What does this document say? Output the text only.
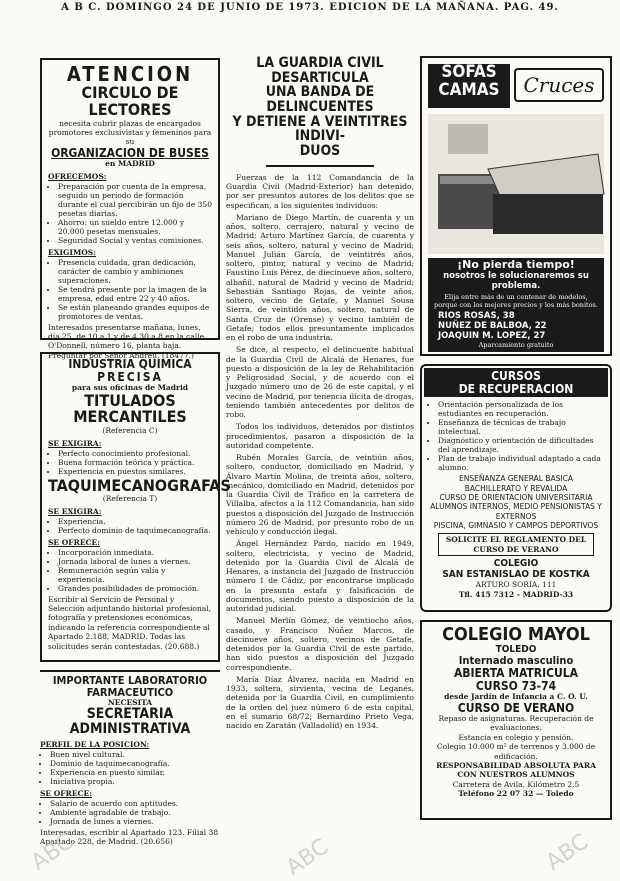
A B C. DOMINGO 24 DE JUNIO DE 1973. EDICION DE LA MAÑANA. PAG. 49.
ATENCION
CIRCULO DE LECTORES
necesita cubrir plazas de encargados promotores exclusivistas y femeninos para su
ORGANIZACION DE BUSES
en MADRID
OFRECEMOS:
• Preparación por cuenta de la empresa, seguido un período de formación durante el cual percibirán un fijo de 350 pesetas diarias.
• Ahorro: un sueldo entre 12.000 y 20.000 pesetas mensuales.
• Seguridad Social y ventas comisiones.
EXIGIMOS:
• Presencia cuidada, gran dedicación, carácter de cambio y ambiciones superaciones.
• Se tendrá presente por la imagen de la empresa, edad entre 22 y 40 años.
• Se están planeando grandes equipos de promotores de ventas.
Interesados presentarse mañana, lunes, día 25, de 10 a 1 y de 4,30 a 8 en la calle O'Donnell, número 16, planta baja. Preguntar por Señor Andreu. (18477.)
INDUSTRIA QUIMICA
PRECISA
para sus oficinas de Madrid
TITULADOS MERCANTILES
(Referencia C)
SE EXIGIRA:
• Perfecto conocimiento profesional.
• Buena formación teórica y práctica.
• Experiencia en puestos similares.
TAQUIMECANOGRAFAS
(Referencia T)
SE EXIGIRA:
• Experiencia.
• Perfecto dominio de taquimecanografía.
SE OFRECE:
• Incorporación inmediata.
• Jornada laboral de lunes a viernes.
• Remuneración según valía y experiencia.
• Grandes posibilidades de promoción.
Escribir al Servicio de Personal y Selección adjuntando historial profesional, fotografía y pretensiones económicas, indicando la referencia correspondiente al Apartado 2.188, MADRID. Todas las solicitudes serán contestadas. (20.688.)
IMPORTANTE LABORATORIO
FARMACEUTICO
NECESITA
SECRETARIA ADMINISTRATIVA
PERFIL DE LA POSICION:
• Buen nivel cultural.
• Dominio de taquimecanografía.
• Experiencia en puesto similar.
• Iniciativa propia.
SE OFRECE:
• Salario de acuerdo con aptitudes.
• Ambiente agradable de trabajo.
• Jornada de lunes a viernes.
Interesadas, escribir al Apartado 123. Filial 38 Apartado 228, de Madrid. (20.656)
LA GUARDIA CIVIL DESARTICULA
UNA BANDA DE DELINCUENTES
Y DETIENE A VEINTITRES INDIVI-
DUOS

Fuerzas de la 112 Comandancia de la Guardia Civil (Madrid-Exterior) han detenido, por ser presuntos autores de los delitos que se especifican, a los siguientes individuos:

Mariano de Diego Martín, de cuarenta y un años, soltero, cerrajero, natural y vecino de Madrid; Arturo Martínez García, de cuarenta y seis años, soltero, natural y vecino de Madrid; Manuel Julián García, de veintitrés años, soltero, pintor, natural y vecino de Madrid; Faustino Luis Pérez, de diecinueve años, soltero, albañil, natural de Madrid y vecino de Madrid; Sebastián Santiago Rojas, de veinte años, soltero, vecino de Getafe, y Manuel Sousa Sierra, de veintidós años, soltero, natural de Santa Cruz de (Orense) y vecino también de Getafe; todos ellos presuntamente implicados en el robo de una industria.

Se dice, al respecto, el delincuente habitual de la Guardia Civil de Alcalá de Henares, fue puesto a disposición de la ley de Rehabilitación y Peligrosidad Social, y de acuerdo con el Juzgado número uno de 26 de este capital, y el vecino de Madrid, por tenencia ilícita de drogas, teniendo también antecedentes por delitos de robo.

Todos los individuos, detenidos por distintos procedimientos, pasaron a disposición de la autoridad competente.

Rubén Morales García, de veintiún años, soltero, conductor, domiciliado en Madrid, y Álvaro Martín Molina, de treinta años, soltero, mecánico, domiciliado en Madrid, detenidos por la Guardia Civil de Tráfico en la carretera de Villalba, afectos a la 112 Comandancia, han sido puestos a disposición del Juzgado de Instrucción número 26 de Madrid, por presunto robo de un vehículo y conducción ilegal.

Ángel Hernández Pardo, nacido en 1949, soltero, electricista, y vecino de Madrid, detenido por la Guardia Civil de Alcalá de Henares, a instancia del Juzgado de Instrucción número 1 de Cádiz, por encontrarse implicado en la presunta estafa y falsificación de documentos, siendo puesto a disposición de la autoridad judicial.

Manuel Merlín Gómez, de veintiocho años, casado, y Francisco Núñez Marcos, de diecinueve años, soltero, vecinos de Getafe, detenidos por la Guardia Civil de este partido, han sido puestos a disposición del Juzgado correspondiente.

María Díaz Álvarez, nacida en Madrid en 1933, soltera, sirvienta, vecina de Leganés, detenida por la Guardia Civil, en cumplimiento de la orden del juez número 6 de esta capital, en el sumario 68/72; Bernardino Prieto Vega, nacido en Zaratán (Valladolid) en 1934.

SOFAS
CAMAS	Cruces
¡No pierda tiempo!
nosotros le solucionaremos su problema.
Elija entre más de un centenar de modelos, porque con los mejores precios y los más bonitos.
RIOS ROSAS, 38
NUÑEZ DE BALBOA, 22
JOAQUIN M. LOPEZ, 27
Aparcamiento gratuito
CURSOS
DE RECUPERACION
• Orientación personalizada de los estudiantes en recuperación.
• Enseñanza de técnicas de trabajo intelectual.
• Diagnóstico y orientación de dificultades del aprendizaje.
• Plan de trabajo individual adaptado a cada alumno.
ENSEÑANZA GENERAL BASICA
BACHILLERATO Y REVALIDA
CURSO DE ORIENTACION UNIVERSITARIA
ALUMNOS INTERNOS, MEDIO PENSIONISTAS Y EXTERNOS
PISCINA, GIMNASIO Y CAMPOS DEPORTIVOS
SOLICITE EL REGLAMENTO DEL CURSO DE VERANO
COLEGIO
SAN ESTANISLAO DE KOSTKA
ARTURO SORIA, 111
Tfl. 415 7312 - MADRID-33
COLEGIO MAYOL
TOLEDO
Internado masculino
ABIERTA MATRICULA
CURSO 73-74
desde Jardín de Infancia a C. O. U.
CURSO DE VERANO
Repaso de asignaturas. Recuperación de evaluaciones.
Estancia en colegio y pensión.
Colegio 10.000 m² de terrenos y 3.000 de edificación.
RESPONSABILIDAD ABSOLUTA PARA CON NUESTROS ALUMNOS
Carretera de Avila, Kilómetro 2,5
Teléfono 22 07 32 — Toledo
ABC	ABC	ABC
